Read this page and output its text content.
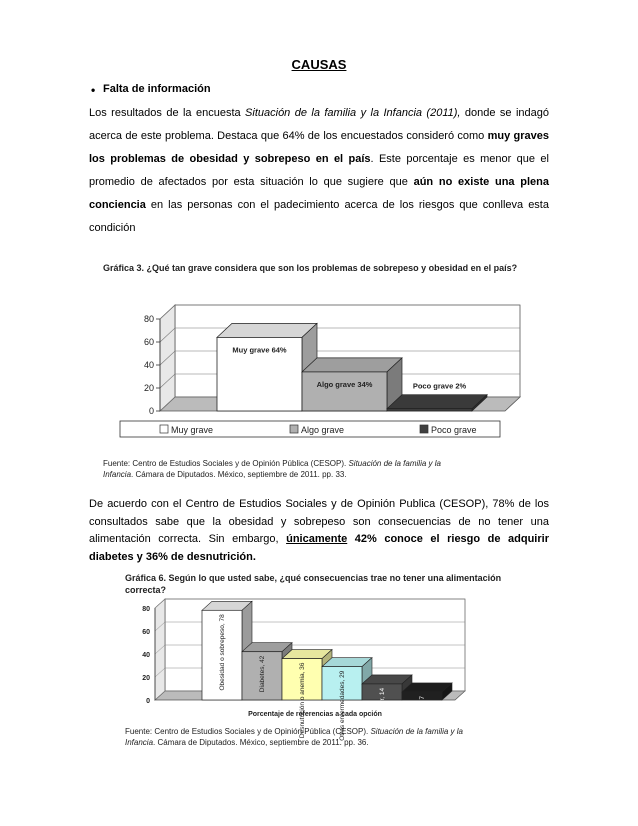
CAUSAS
• Falta de información
Los resultados de la encuesta Situación de la familia y la Infancia (2011), donde se indagó acerca de este problema. Destaca que 64% de los encuestados consideró como muy graves los problemas de obesidad y sobrepeso en el país. Este porcentaje es menor que el promedio de afectados por esta situación lo que sugiere que aún no existe una plena conciencia en las personas con el padecimiento acerca de los riesgos que conlleva esta condición
Gráfica 3. ¿Qué tan grave considera que son los problemas de sobrepeso y obesidad en el país?
0
20
40
60
80
Muy grave 64%
Algo grave 34%	Poco grave 2%
Muy grave	Algo grave	Poco grave
Fuente: Centro de Estudios Sociales y de Opinión Pública (CESOP). Situación de la familia y la
Infancia. Cámara de Diputados. México, septiembre de 2011. pp. 33.
De acuerdo con el Centro de Estudios Sociales y de Opinión Publica (CESOP), 78% de los consultados sabe que la obesidad y sobrepeso son consecuencias de no tener una alimentación correcta. Sin embargo, únicamente 42% conoce el riesgo de adquirir diabetes y 36% de desnutrición.
Gráfica 6. Según lo que usted sabe, ¿qué consecuencias trae no tener una alimentación
correcta?
0
20
40
60
80
Obesidad o sobrepeso, 78	Diabetes, 42	Desnutrición o anemia, 36	Otras enfermedades, 29	Bajo rendimiento escolar, 14	Problemas emocionales, 7
Porcentaje de referencias a cada opción
Fuente: Centro de Estudios Sociales y de Opinión Pública (CESOP). Situación de la familia y la
Infancia. Cámara de Diputados. México, septiembre de 2011. pp. 36.
